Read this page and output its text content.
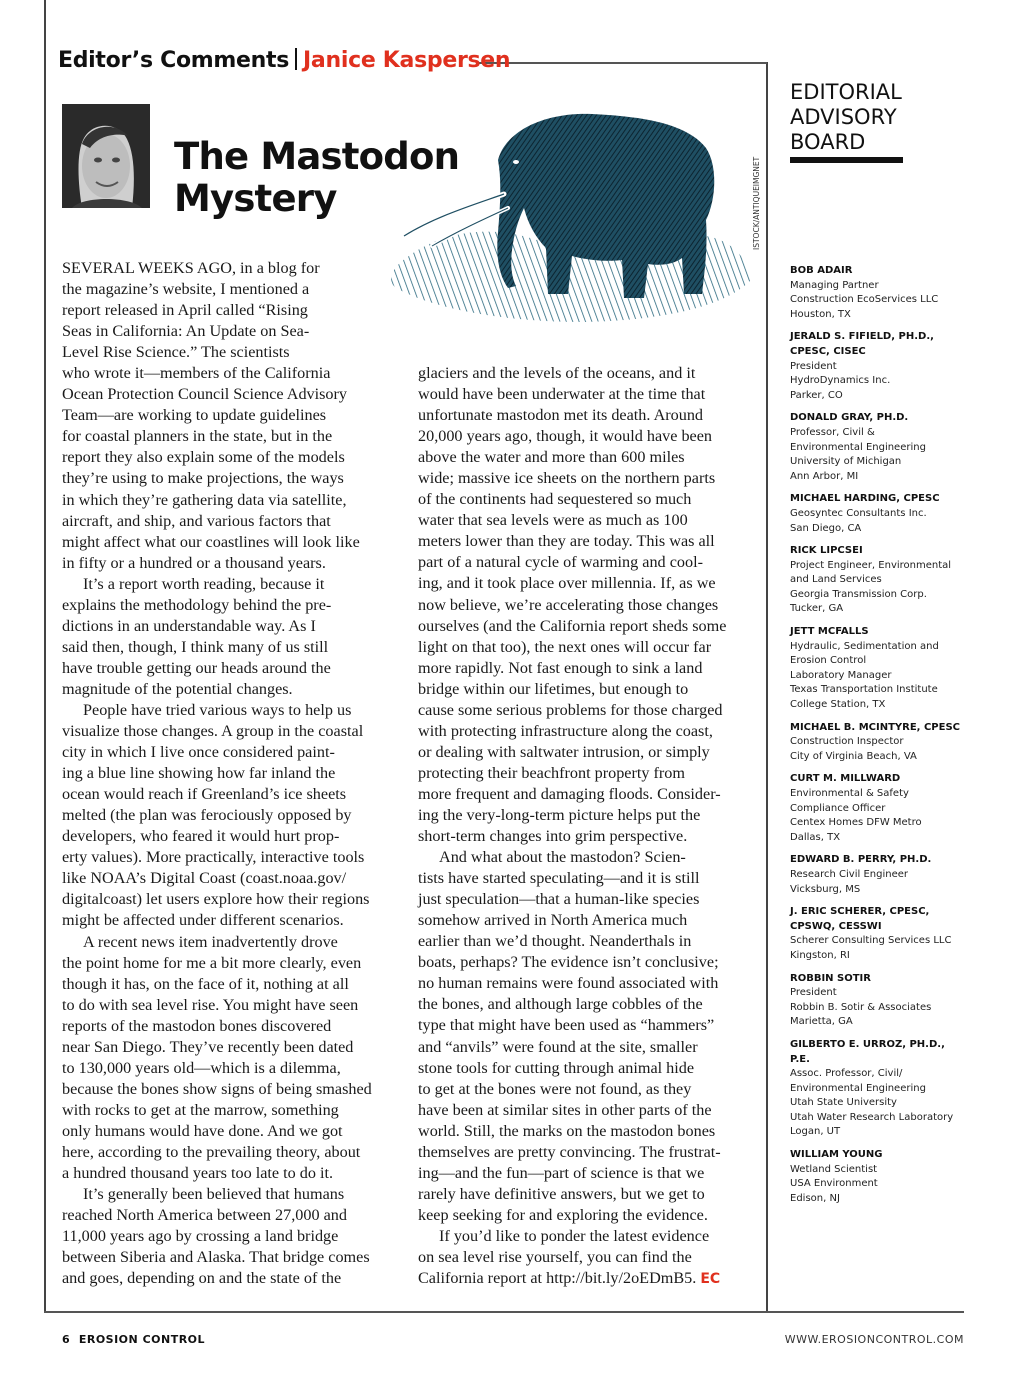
Editor’s Comments Janice Kaspersen
The Mastodon
Mystery	ISTOCK/ANTIQUEIMGNET

SEVERAL WEEKS AGO, in a blog for

the magazine’s website, I mentioned a

report released in April called “Rising

Seas in California: An Update on Sea-

Level Rise Science.” The scientists

who wrote it—members of the California

Ocean Protection Council Science Advisory

Team—are working to update guidelines

for coastal planners in the state, but in the

report they also explain some of the models

they’re using to make projections, the ways

in which they’re gathering data via satellite,

aircraft, and ship, and various factors that

might affect what our coastlines will look like

in fifty or a hundred or a thousand years.

It’s a report worth reading, because it

explains the methodology behind the pre-

dictions in an understandable way. As I

said then, though, I think many of us still

have trouble getting our heads around the

magnitude of the potential changes.

People have tried various ways to help us

visualize those changes. A group in the coastal

city in which I live once considered paint-

ing a blue line showing how far inland the

ocean would reach if Greenland’s ice sheets

melted (the plan was ferociously opposed by

developers, who feared it would hurt prop-

erty values). More practically, interactive tools

like NOAA’s Digital Coast (coast.noaa.gov/

digitalcoast) let users explore how their regions

might be affected under different scenarios.

A recent news item inadvertently drove

the point home for me a bit more clearly, even

though it has, on the face of it, nothing at all

to do with sea level rise. You might have seen

reports of the mastodon bones discovered

near San Diego. They’ve recently been dated

to 130,000 years old—which is a dilemma,

because the bones show signs of being smashed

with rocks to get at the marrow, something

only humans would have done. And we got

here, according to the prevailing theory, about

a hundred thousand years too late to do it.

It’s generally been believed that humans

reached North America between 27,000 and

11,000 years ago by crossing a land bridge

between Siberia and Alaska. That bridge comes

and goes, depending on and the state of the

glaciers and the levels of the oceans, and it

would have been underwater at the time that

unfortunate mastodon met its death. Around

20,000 years ago, though, it would have been

above the water and more than 600 miles

wide; massive ice sheets on the northern parts

of the continents had sequestered so much

water that sea levels were as much as 100

meters lower than they are today. This was all

part of a natural cycle of warming and cool-

ing, and it took place over millennia. If, as we

now believe, we’re accelerating those changes

ourselves (and the California report sheds some

light on that too), the next ones will occur far

more rapidly. Not fast enough to sink a land

bridge within our lifetimes, but enough to

cause some serious problems for those charged

with protecting infrastructure along the coast,

or dealing with saltwater intrusion, or simply

protecting their beachfront property from

more frequent and damaging floods. Consider-

ing the very-long-term picture helps put the

short-term changes into grim perspective.

And what about the mastodon? Scien-

tists have started speculating—and it is still

just speculation—that a human-like species

somehow arrived in North America much

earlier than we’d thought. Neanderthals in

boats, perhaps? The evidence isn’t conclusive;

no human remains were found associated with

the bones, and although large cobbles of the

type that might have been used as “hammers”

and “anvils” were found at the site, smaller

stone tools for cutting through animal hide

to get at the bones were not found, as they

have been at similar sites in other parts of the

world. Still, the marks on the mastodon bones

themselves are pretty convincing. The frustrat-

ing—and the fun—part of science is that we

rarely have definitive answers, but we get to

keep seeking for and exploring the evidence.

If you’d like to ponder the latest evidence

on sea level rise yourself, you can find the

California report at http://bit.ly/2oEDmB5. EC

EDITORIAL
ADVISORY
BOARD
BOB ADAIR
Managing Partner
Construction EcoServices LLC
Houston, TX
JERALD S. FIFIELD, PH.D., CPESC, CISEC
President
HydroDynamics Inc.
Parker, CO
DONALD GRAY, PH.D.
Professor, Civil &
Environmental Engineering
University of Michigan
Ann Arbor, MI
MICHAEL HARDING, CPESC
Geosyntec Consultants Inc.
San Diego, CA
RICK LIPCSEI
Project Engineer, Environmental
and Land Services
Georgia Transmission Corp.
Tucker, GA
JETT MCFALLS
Hydraulic, Sedimentation and
Erosion Control
Laboratory Manager
Texas Transportation Institute
College Station, TX
MICHAEL B. MCINTYRE, CPESC
Construction Inspector
City of Virginia Beach, VA
CURT M. MILLWARD
Environmental & Safety
Compliance Officer
Centex Homes DFW Metro
Dallas, TX
EDWARD B. PERRY, PH.D.
Research Civil Engineer
Vicksburg, MS
J. ERIC SCHERER, CPESC, CPSWQ, CESSWI
Scherer Consulting Services LLC
Kingston, RI
ROBBIN SOTIR
President
Robbin B. Sotir & Associates
Marietta, GA
GILBERTO E. URROZ, PH.D., P.E.
Assoc. Professor, Civil/
Environmental Engineering
Utah State University
Utah Water Research Laboratory
Logan, UT
WILLIAM YOUNG
Wetland Scientist
USA Environment
Edison, NJ
6 EROSION CONTROL	WWW.EROSIONCONTROL.COM
